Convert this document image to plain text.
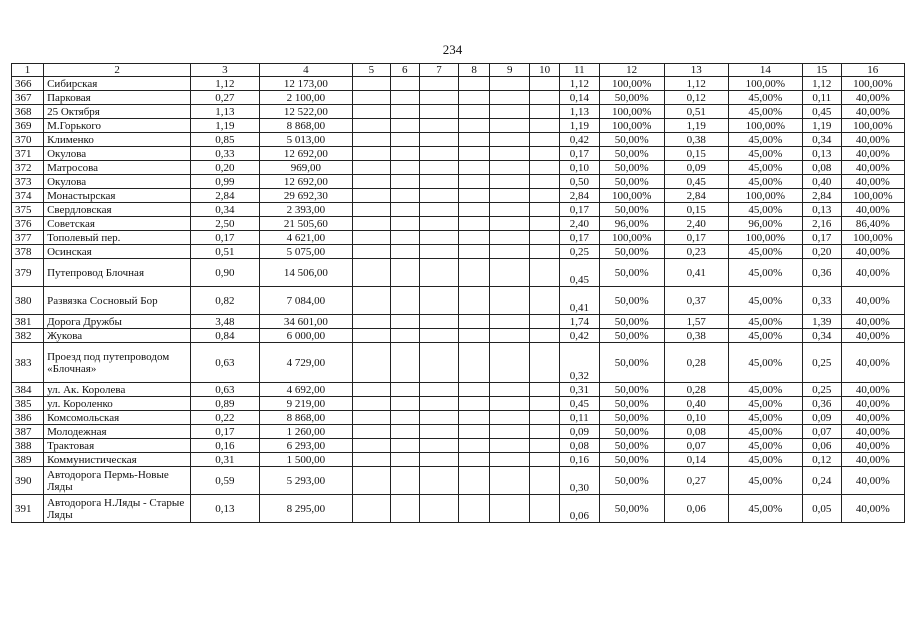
234
1	2	3	4	5	6	7	8	9	10	11	12	13	14	15	16
366	Сибирская	1,12	12 173,00							1,12	100,00%	1,12	100,00%	1,12	100,00%
367	Парковая	0,27	2 100,00							0,14	50,00%	0,12	45,00%	0,11	40,00%
368	25 Октября	1,13	12 522,00							1,13	100,00%	0,51	45,00%	0,45	40,00%
369	М.Горького	1,19	8 868,00							1,19	100,00%	1,19	100,00%	1,19	100,00%
370	Клименко	0,85	5 013,00							0,42	50,00%	0,38	45,00%	0,34	40,00%
371	Окулова	0,33	12 692,00							0,17	50,00%	0,15	45,00%	0,13	40,00%
372	Матросова	0,20	969,00							0,10	50,00%	0,09	45,00%	0,08	40,00%
373	Окулова	0,99	12 692,00							0,50	50,00%	0,45	45,00%	0,40	40,00%
374	Монастырская	2,84	29 692,30							2,84	100,00%	2,84	100,00%	2,84	100,00%
375	Свердловская	0,34	2 393,00							0,17	50,00%	0,15	45,00%	0,13	40,00%
376	Советская	2,50	21 505,60							2,40	96,00%	2,40	96,00%	2,16	86,40%
377	Тополевый пер.	0,17	4 621,00							0,17	100,00%	0,17	100,00%	0,17	100,00%
378	Осинская	0,51	5 075,00							0,25	50,00%	0,23	45,00%	0,20	40,00%
379	Путепровод Блочная	0,90	14 506,00							0,45	50,00%	0,41	45,00%	0,36	40,00%
380	Развязка Сосновый Бор	0,82	7 084,00							0,41	50,00%	0,37	45,00%	0,33	40,00%
381	Дорога Дружбы	3,48	34 601,00							1,74	50,00%	1,57	45,00%	1,39	40,00%
382	Жукова	0,84	6 000,00							0,42	50,00%	0,38	45,00%	0,34	40,00%
383	Проезд под путепроводом «Блочная»	0,63	4 729,00							0,32	50,00%	0,28	45,00%	0,25	40,00%
384	ул. Ак. Королева	0,63	4 692,00							0,31	50,00%	0,28	45,00%	0,25	40,00%
385	ул. Короленко	0,89	9 219,00							0,45	50,00%	0,40	45,00%	0,36	40,00%
386	Комсомольская	0,22	8 868,00							0,11	50,00%	0,10	45,00%	0,09	40,00%
387	Молодежная	0,17	1 260,00							0,09	50,00%	0,08	45,00%	0,07	40,00%
388	Трактовая	0,16	6 293,00							0,08	50,00%	0,07	45,00%	0,06	40,00%
389	Коммунистическая	0,31	1 500,00							0,16	50,00%	0,14	45,00%	0,12	40,00%
390	Автодорога Пермь-Новые Ляды	0,59	5 293,00							0,30	50,00%	0,27	45,00%	0,24	40,00%
391	Автодорога Н.Ляды - Старые Ляды	0,13	8 295,00							0,06	50,00%	0,06	45,00%	0,05	40,00%
